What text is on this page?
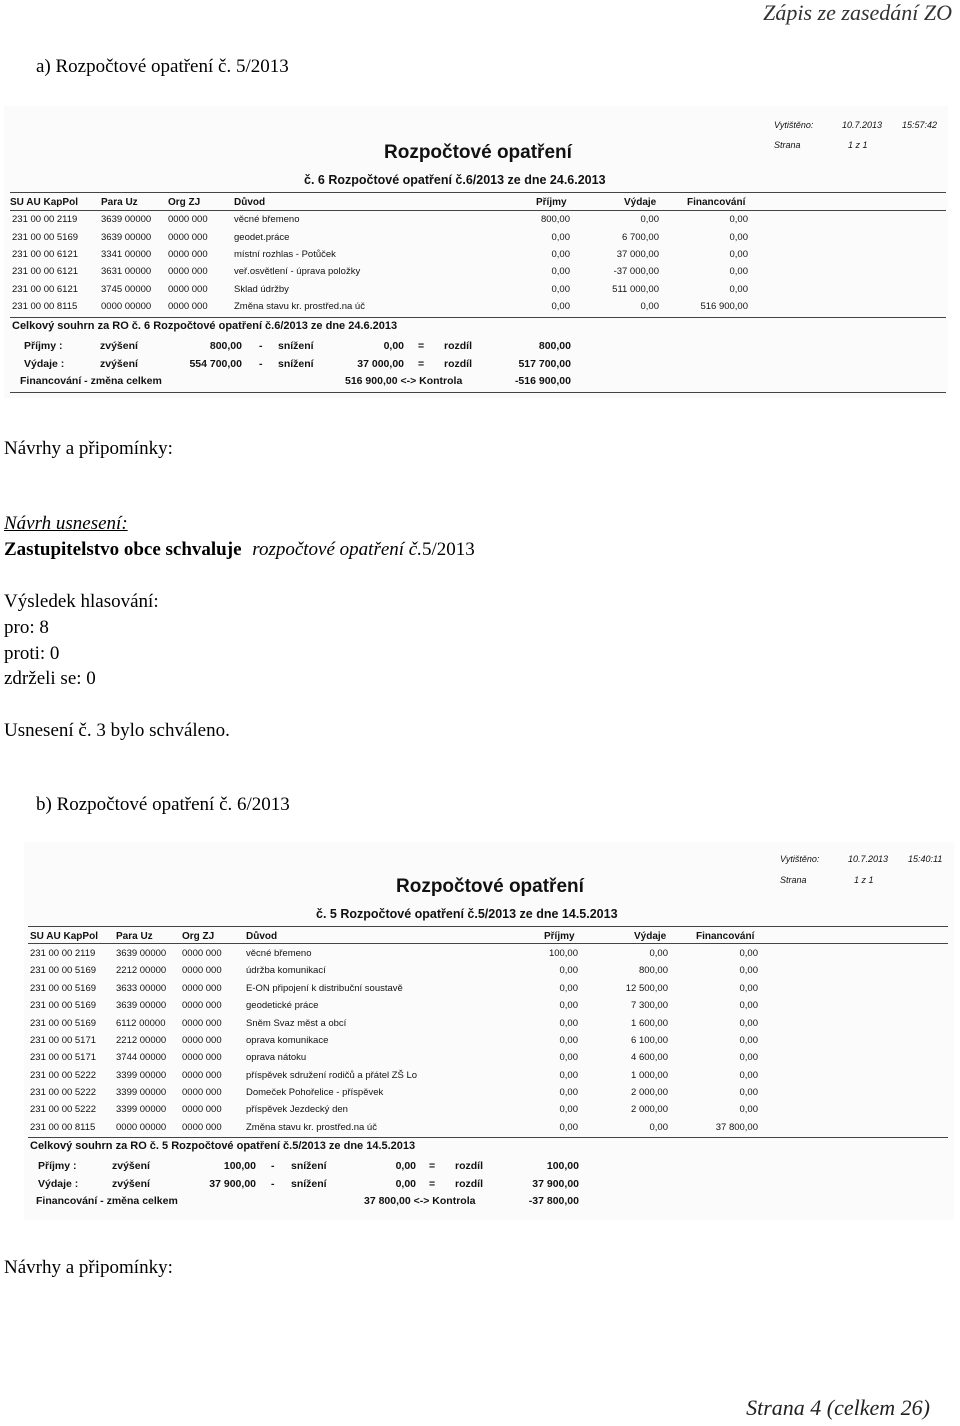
Zápis ze zasedání ZO
a) Rozpočtové opatření č. 5/2013
Vytištěno:	10.7.2013 15:57:42
Strana	1 z 1
Rozpočtové opatření
č. 6 Rozpočtové opatření č.6/2013 ze dne 24.6.2013
SU AU KapPol Para Uz	Org ZJ	Důvod	Příjmy	Výdaje	Financování
231 00 00 2119 3639 00000 0000 000	věcné břemeno	800,00	0,00	0,00
231 00 00 5169 3639 00000 0000 000	geodet.práce	0,00	6 700,00	0,00
231 00 00 6121 3341 00000 0000 000	místní rozhlas - Potůček	0,00	37 000,00	0,00
231 00 00 6121 3631 00000 0000 000	veř.osvětlení - úprava položky	0,00	-37 000,00	0,00
231 00 00 6121 3745 00000 0000 000	Sklad údržby	0,00	511 000,00	0,00
231 00 00 8115 0000 00000 0000 000	Změna stavu kr. prostřed.na úč	0,00	0,00	516 900,00
Celkový souhrn za RO č. 6 Rozpočtové opatření č.6/2013 ze dne 24.6.2013
Příjmy :	zvýšení	800,00 - snížení	0,00 = rozdíl	800,00
Výdaje :	zvýšení	554 700,00 - snížení	37 000,00 = rozdíl	517 700,00
Financování - změna celkem	516 900,00 <-> Kontrola	-516 900,00
Návrhy a připomínky:
Návrh usnesení:
Zastupitelstvo obce schvaluje rozpočtové opatření č.5/2013
Výsledek hlasování:
pro: 8
proti: 0
zdrželi se: 0
Usnesení č. 3 bylo schváleno.
b) Rozpočtové opatření č. 6/2013
Vytištěno:	10.7.2013 15:40:11
Strana	1 z 1
Rozpočtové opatření
č. 5 Rozpočtové opatření č.5/2013 ze dne 14.5.2013
SU AU KapPol Para Uz	Org ZJ	Důvod	Příjmy	Výdaje	Financování
231 00 00 2119 3639 00000 0000 000	věcné břemeno	100,00	0,00	0,00
231 00 00 5169 2212 00000 0000 000	údržba komunikací	0,00	800,00	0,00
231 00 00 5169 3633 00000 0000 000	E-ON připojení k distribuční soustavě	0,00	12 500,00	0,00
231 00 00 5169 3639 00000 0000 000	geodetické práce	0,00	7 300,00	0,00
231 00 00 5169 6112 00000 0000 000	Sněm Svaz měst a obcí	0,00	1 600,00	0,00
231 00 00 5171 2212 00000 0000 000	oprava komunikace	0,00	6 100,00	0,00
231 00 00 5171 3744 00000 0000 000	oprava nátoku	0,00	4 600,00	0,00
231 00 00 5222 3399 00000 0000 000	příspěvek sdružení rodičů a přátel ZŠ Lo	0,00	1 000,00	0,00
231 00 00 5222 3399 00000 0000 000	Domeček Pohořelice - příspěvek	0,00	2 000,00	0,00
231 00 00 5222 3399 00000 0000 000	příspěvek Jezdecký den	0,00	2 000,00	0,00
231 00 00 8115 0000 00000 0000 000	Změna stavu kr. prostřed.na úč	0,00	0,00	37 800,00
Celkový souhrn za RO č. 5 Rozpočtové opatření č.5/2013 ze dne 14.5.2013
Příjmy :	zvýšení	100,00 - snížení	0,00 = rozdíl	100,00
Výdaje :	zvýšení	37 900,00 - snížení	0,00 = rozdíl	37 900,00
Financování - změna celkem	37 800,00 <-> Kontrola	-37 800,00
Návrhy a připomínky:
Strana 4 (celkem 26)
